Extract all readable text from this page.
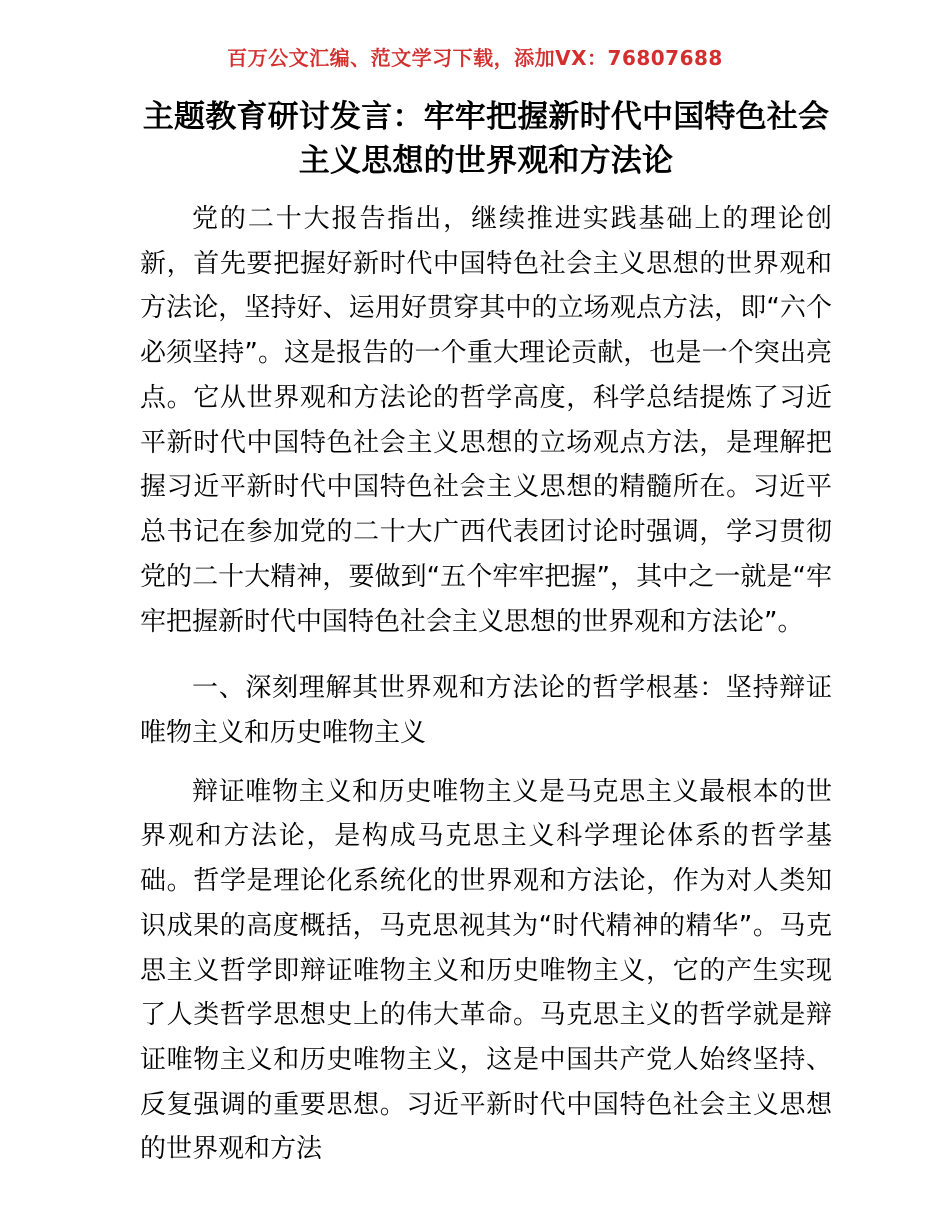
百万公文汇编、范文学习下载，添加VX：76807688
主题教育研讨发言：牢牢把握新时代中国特色社会主义思想的世界观和方法论

党的二十大报告指出，继续推进实践基础上的理论创新，首先要把握好新时代中国特色社会主义思想的世界观和方法论，坚持好、运用好贯穿其中的立场观点方法，即“六个必须坚持”。这是报告的一个重大理论贡献，也是一个突出亮点。它从世界观和方法论的哲学高度，科学总结提炼了习近平新时代中国特色社会主义思想的立场观点方法，是理解把握习近平新时代中国特色社会主义思想的精髓所在。习近平总书记在参加党的二十大广西代表团讨论时强调，学习贯彻党的二十大精神，要做到“五个牢牢把握”，其中之一就是“牢牢把握新时代中国特色社会主义思想的世界观和方法论”。

一、深刻理解其世界观和方法论的哲学根基：坚持辩证唯物主义和历史唯物主义

辩证唯物主义和历史唯物主义是马克思主义最根本的世界观和方法论，是构成马克思主义科学理论体系的哲学基础。哲学是理论化系统化的世界观和方法论，作为对人类知识成果的高度概括，马克思视其为“时代精神的精华”。马克思主义哲学即辩证唯物主义和历史唯物主义，它的产生实现了人类哲学思想史上的伟大革命。马克思主义的哲学就是辩证唯物主义和历史唯物主义，这是中国共产党人始终坚持、反复强调的重要思想。习近平新时代中国特色社会主义思想的世界观和方法
